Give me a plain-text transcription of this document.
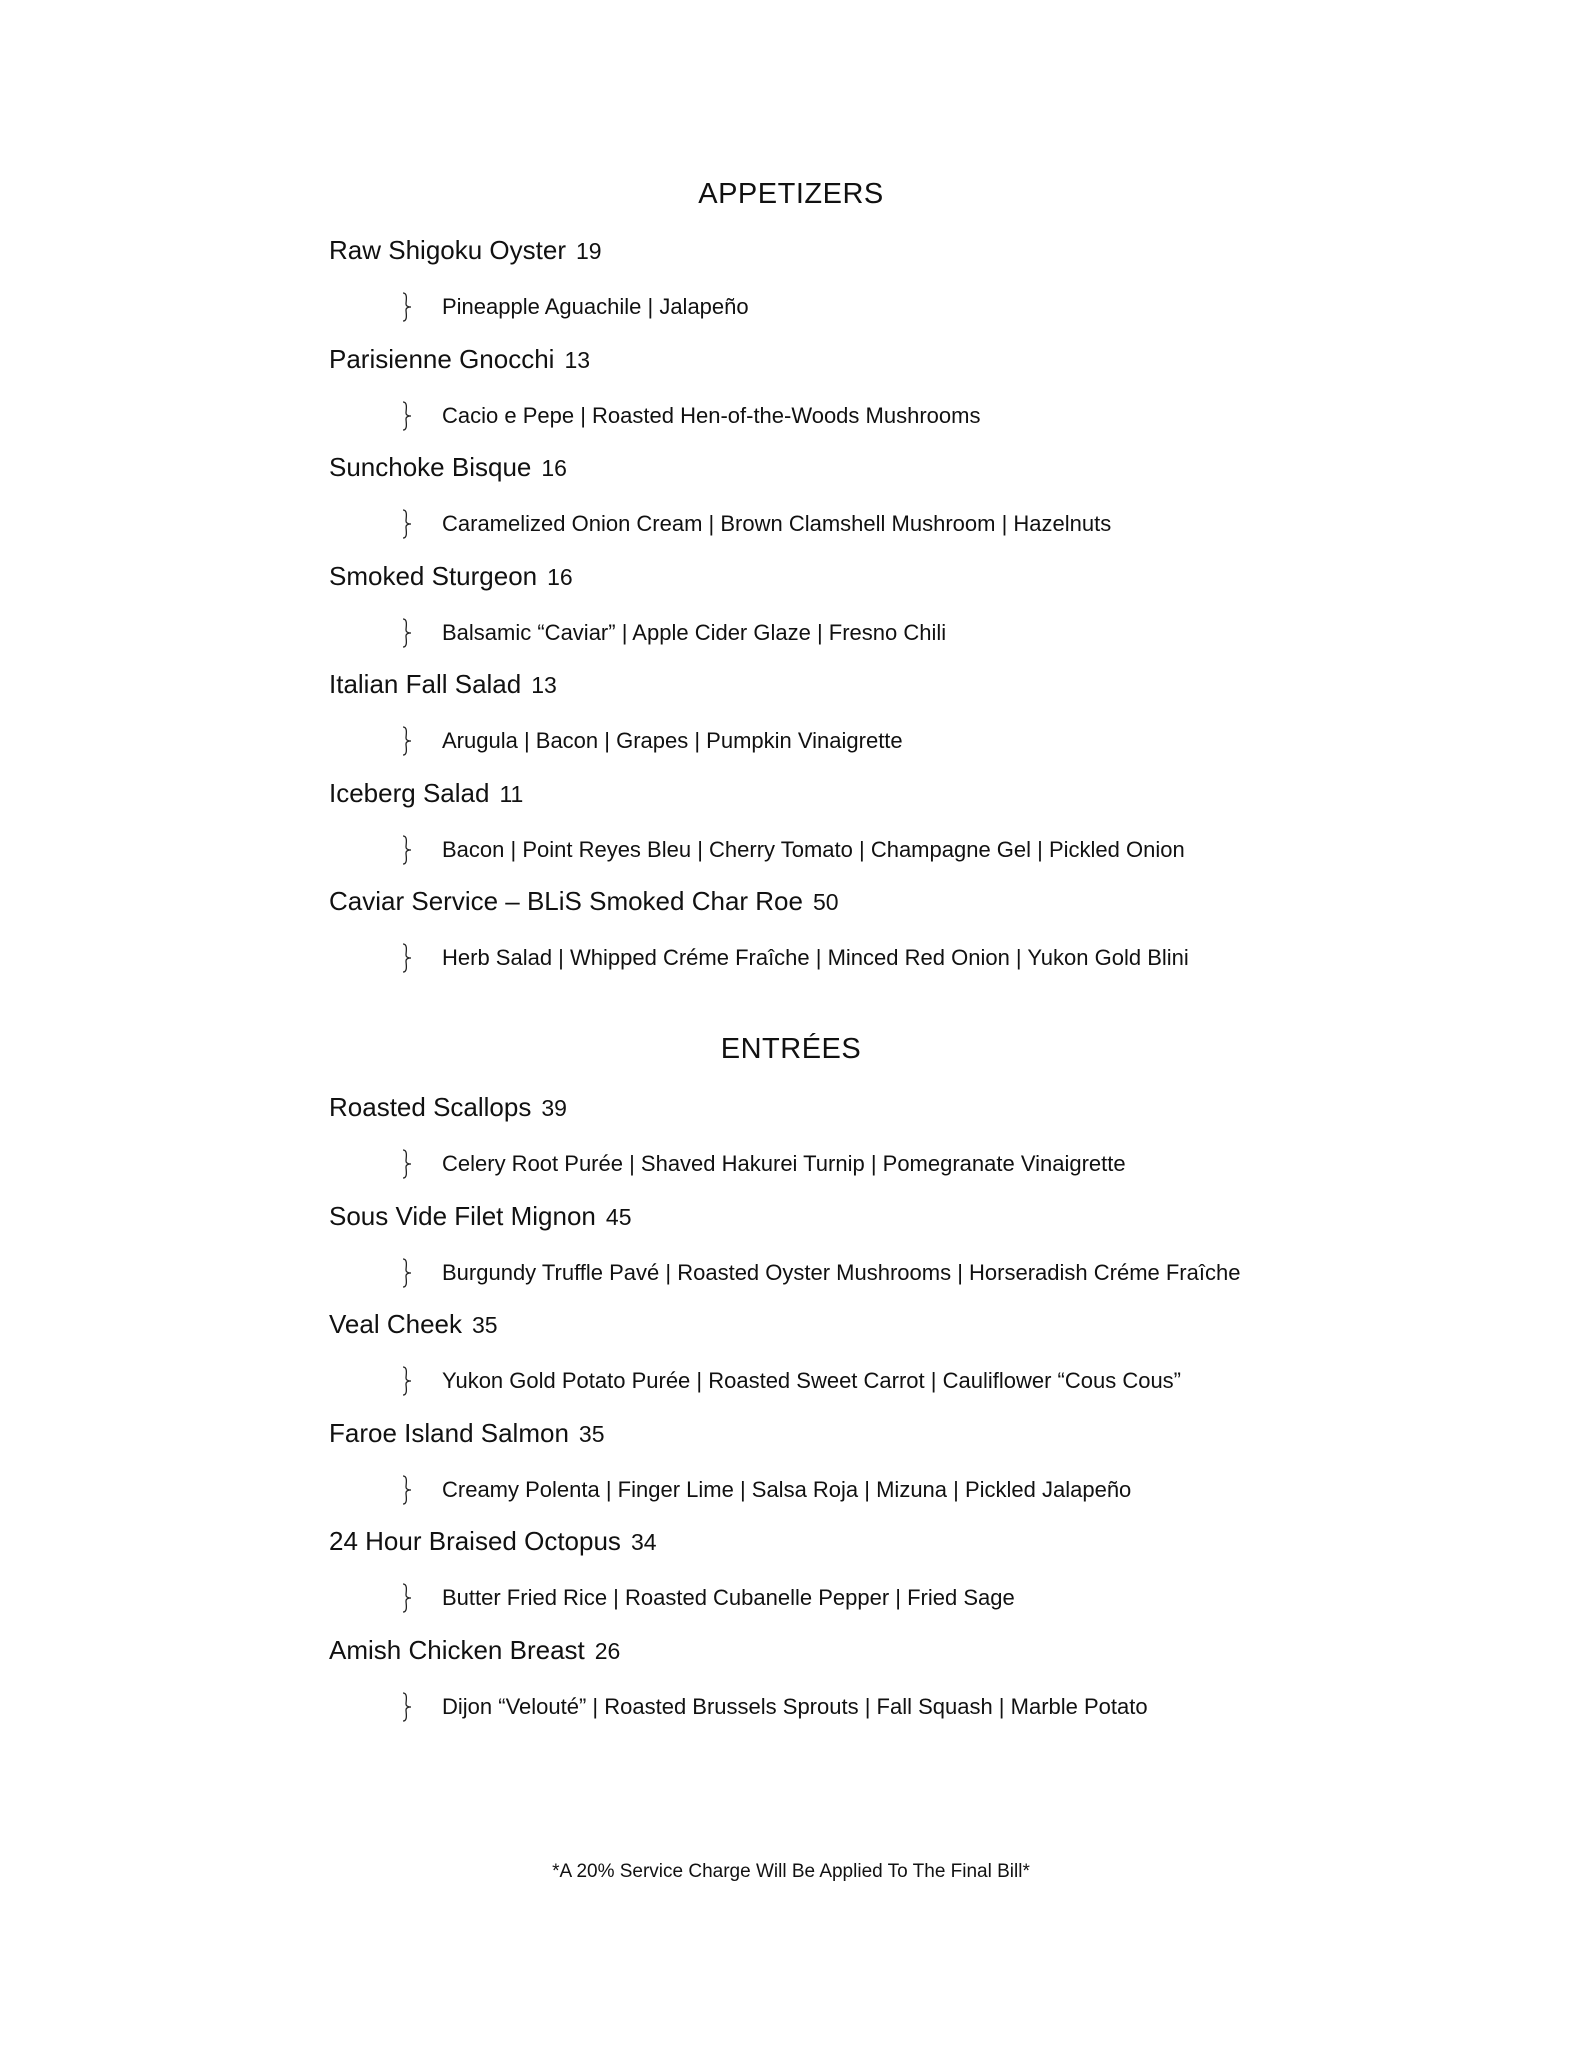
APPETIZERS
Raw Shigoku Oyster 19
Pineapple Aguachile | Jalapeño
Parisienne Gnocchi 13
Cacio e Pepe | Roasted Hen-of-the-Woods Mushrooms
Sunchoke Bisque 16
Caramelized Onion Cream | Brown Clamshell Mushroom | Hazelnuts
Smoked Sturgeon 16
Balsamic “Caviar” | Apple Cider Glaze | Fresno Chili
Italian Fall Salad 13
Arugula | Bacon | Grapes | Pumpkin Vinaigrette
Iceberg Salad 11
Bacon | Point Reyes Bleu | Cherry Tomato | Champagne Gel | Pickled Onion
Caviar Service – BLiS Smoked Char Roe 50
Herb Salad | Whipped Créme Fraîche | Minced Red Onion | Yukon Gold Blini
ENTRÉES
Roasted Scallops 39
Celery Root Purée | Shaved Hakurei Turnip | Pomegranate Vinaigrette
Sous Vide Filet Mignon 45
Burgundy Truffle Pavé | Roasted Oyster Mushrooms | Horseradish Créme Fraîche
Veal Cheek 35
Yukon Gold Potato Purée | Roasted Sweet Carrot | Cauliflower “Cous Cous”
Faroe Island Salmon 35
Creamy Polenta | Finger Lime | Salsa Roja | Mizuna | Pickled Jalapeño
24 Hour Braised Octopus 34
Butter Fried Rice | Roasted Cubanelle Pepper | Fried Sage
Amish Chicken Breast 26
Dijon “Velouté” | Roasted Brussels Sprouts | Fall Squash | Marble Potato

*A 20% Service Charge Will Be Applied To The Final Bill*
